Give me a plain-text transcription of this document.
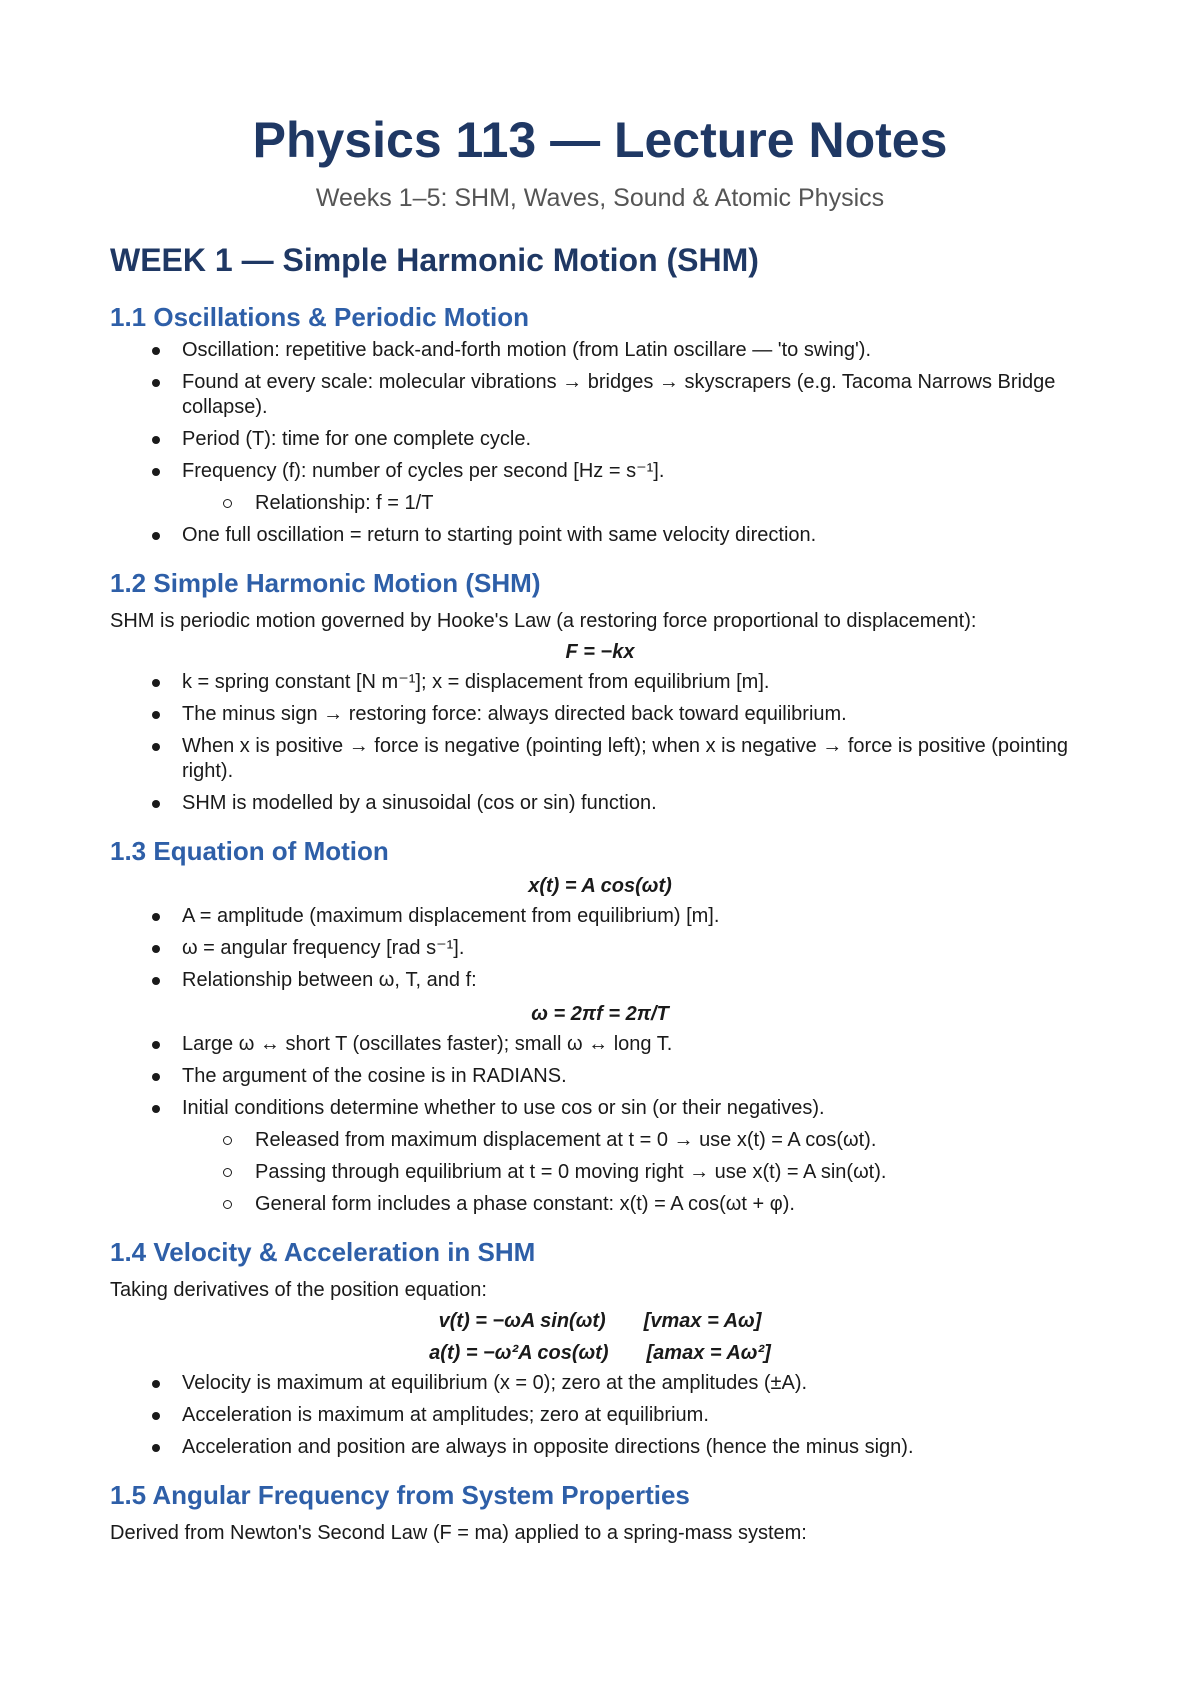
Physics 113 — Lecture Notes
Weeks 1–5: SHM, Waves, Sound & Atomic Physics
WEEK 1 — Simple Harmonic Motion (SHM)
1.1 Oscillations & Periodic Motion
Oscillation: repetitive back-and-forth motion (from Latin oscillare — 'to swing').
Found at every scale: molecular vibrations → bridges → skyscrapers (e.g. Tacoma Narrows Bridge collapse).
Period (T): time for one complete cycle.
Frequency (f): number of cycles per second [Hz = s⁻¹].
Relationship: f = 1/T
One full oscillation = return to starting point with same velocity direction.
1.2 Simple Harmonic Motion (SHM)

SHM is periodic motion governed by Hooke's Law (a restoring force proportional to displacement):

F = −kx
k = spring constant [N m⁻¹]; x = displacement from equilibrium [m].
The minus sign → restoring force: always directed back toward equilibrium.
When x is positive → force is negative (pointing left); when x is negative → force is positive (pointing right).
SHM is modelled by a sinusoidal (cos or sin) function.
1.3 Equation of Motion
x(t) = A cos(ωt)
A = amplitude (maximum displacement from equilibrium) [m].
ω = angular frequency [rad s⁻¹].
Relationship between ω, T, and f:
ω = 2πf = 2π/T
Large ω ↔ short T (oscillates faster); small ω ↔ long T.
The argument of the cosine is in RADIANS.
Initial conditions determine whether to use cos or sin (or their negatives).
Released from maximum displacement at t = 0 → use x(t) = A cos(ωt).
Passing through equilibrium at t = 0 moving right → use x(t) = A sin(ωt).
General form includes a phase constant: x(t) = A cos(ωt + φ).
1.4 Velocity & Acceleration in SHM

Taking derivatives of the position equation:

v(t) = −ωA sin(ωt) [vmax = Aω]
a(t) = −ω²A cos(ωt) [amax = Aω²]
Velocity is maximum at equilibrium (x = 0); zero at the amplitudes (±A).
Acceleration is maximum at amplitudes; zero at equilibrium.
Acceleration and position are always in opposite directions (hence the minus sign).
1.5 Angular Frequency from System Properties

Derived from Newton's Second Law (F = ma) applied to a spring-mass system:
